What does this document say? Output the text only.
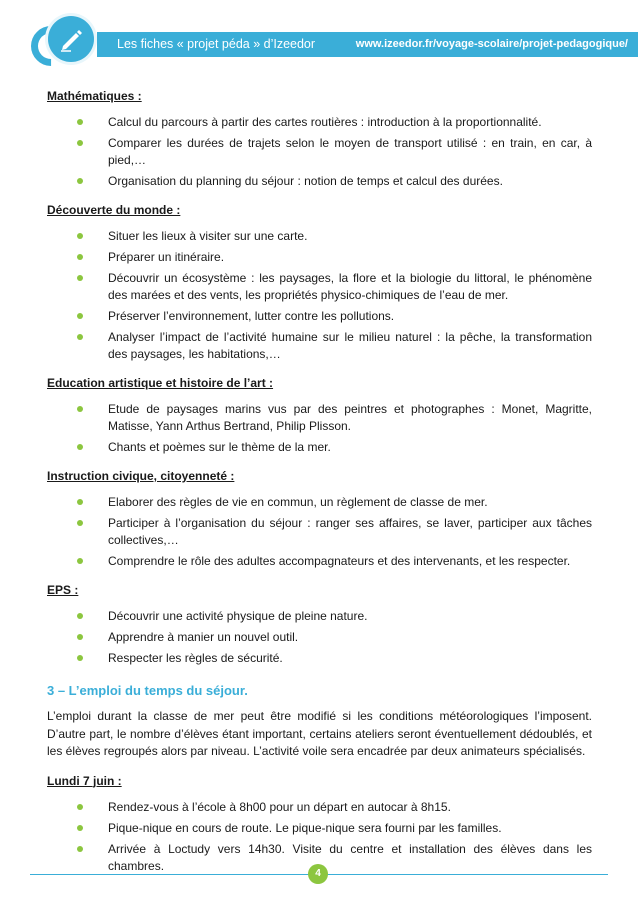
Les fiches « projet péda » d’Izeedor	www.izeedor.fr/voyage-scolaire/projet-pedagogique/

Mathématiques :

Calcul du parcours à partir des cartes routières : introduction à la proportionnalité.
Comparer les durées de trajets selon le moyen de transport utilisé : en train, en car, à pied,…
Organisation du planning du séjour : notion de temps et calcul des durées.

Découverte du monde :

Situer les lieux à visiter sur une carte.
Préparer un itinéraire.
Découvrir un écosystème : les paysages, la flore et la biologie du littoral, le phénomène des marées et des vents, les propriétés physico-chimiques de l’eau de mer.
Préserver l’environnement, lutter contre les pollutions.
Analyser l’impact de l’activité humaine sur le milieu naturel : la pêche, la transformation des paysages, les habitations,…

Education artistique et histoire de l’art :

Etude de paysages marins vus par des peintres et photographes : Monet, Magritte, Matisse, Yann Arthus Bertrand, Philip Plisson.
Chants et poèmes sur le thème de la mer.

Instruction civique, citoyenneté :

Elaborer des règles de vie en commun, un règlement de classe de mer.
Participer à l’organisation du séjour : ranger ses affaires, se laver, participer aux tâches collectives,…
Comprendre le rôle des adultes accompagnateurs et des intervenants, et les respecter.

EPS :

Découvrir une activité physique de pleine nature.
Apprendre à manier un nouvel outil.
Respecter les règles de sécurité.
3 – L’emploi du temps du séjour.

L’emploi durant la classe de mer peut être modifié si les conditions météorologiques l’imposent. D’autre part, le nombre d’élèves étant important, certains ateliers seront éventuellement dédoublés, et les élèves regroupés alors par niveau. L’activité voile sera encadrée par deux animateurs spécialisés.

Lundi 7 juin :

Rendez-vous à l’école à 8h00 pour un départ en autocar à 8h15.
Pique-nique en cours de route. Le pique-nique sera fourni par les familles.
Arrivée à Loctudy vers 14h30. Visite du centre et installation des élèves dans les chambres.
4
